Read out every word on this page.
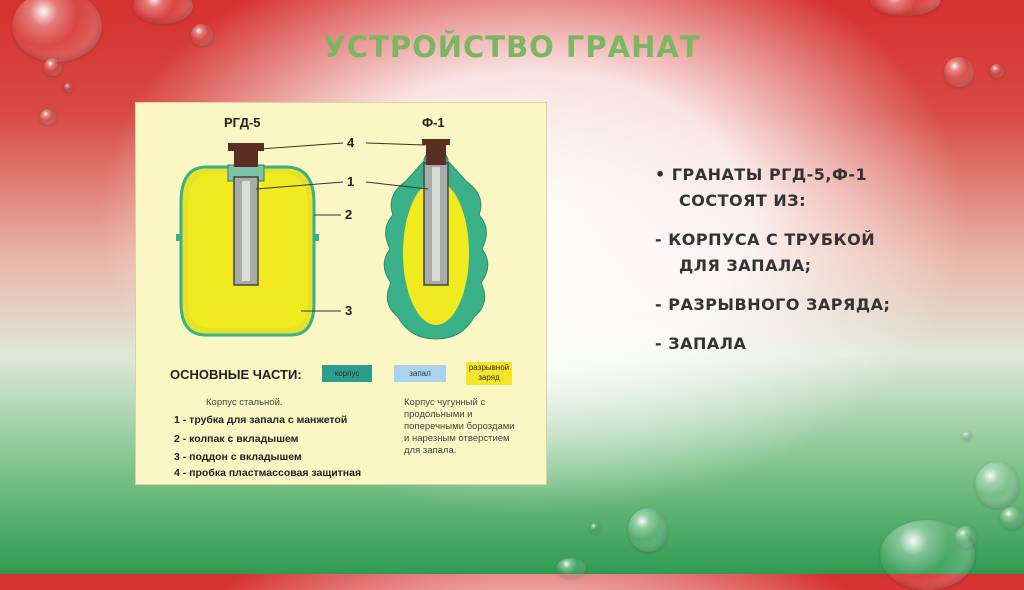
УСТРОЙСТВО ГРАНАТ
РГД-5	Ф-1
4
1
2
3
ОСНОВНЫЕ ЧАСТИ:	корпус	запал
разрывной
заряд
Корпус стальной.
1 - трубка для запала с манжетой
2 - колпак с вкладышем
3 - поддон с вкладышем
4 - пробка пластмассовая защитная
Корпус чугунный с
продольными и
поперечными бороздами
и нарезным отверстием
для запала.
• ГРАНАТЫ РГД-5,Ф-1
СОСТОЯТ ИЗ:
- КОРПУСА С ТРУБКОЙ
ДЛЯ ЗАПАЛА;
- РАЗРЫВНОГО ЗАРЯДА;
- ЗАПАЛА
